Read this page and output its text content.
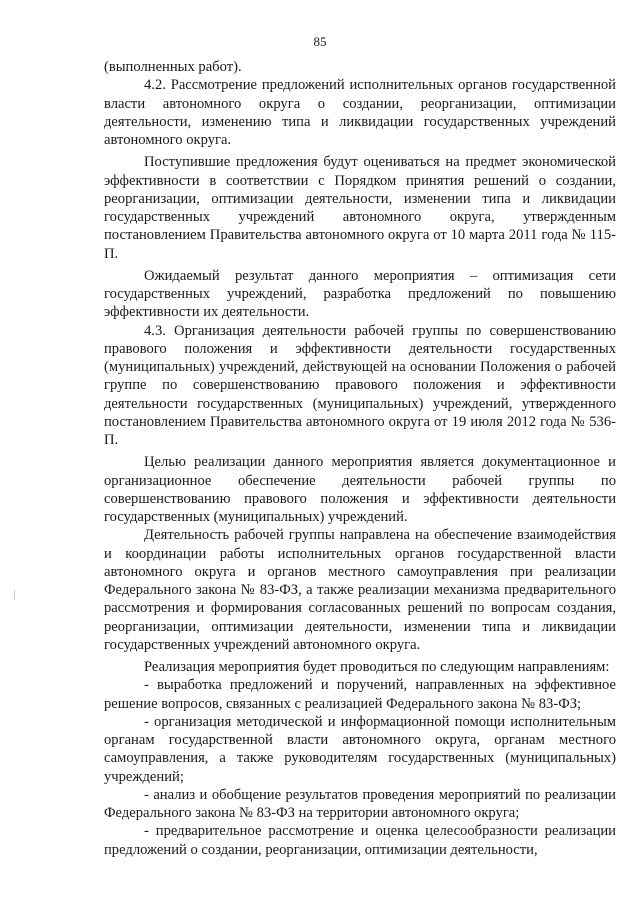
85

(выполненных работ).

4.2. Рассмотрение предложений исполнительных органов государственной власти автономного округа о создании, реорганизации, оптимизации деятельности, изменению типа и ликвидации государственных учреждений автономного округа.

Поступившие предложения будут оцениваться на предмет экономической эффективности в соответствии с Порядком принятия решений о создании, реорганизации, оптимизации деятельности, изменении типа и ликвидации государственных учреждений автономного округа, утвержденным постановлением Правительства автономного округа от 10 марта 2011 года № 115-П.

Ожидаемый результат данного мероприятия – оптимизация сети государственных учреждений, разработка предложений по повышению эффективности их деятельности.

4.3. Организация деятельности рабочей группы по совершенствованию правового положения и эффективности деятельности государственных (муниципальных) учреждений, действующей на основании Положения о рабочей группе по совершенствованию правового положения и эффективности деятельности государственных (муниципальных) учреждений, утвержденного постановлением Правительства автономного округа от 19 июля 2012 года № 536-П.

Целью реализации данного мероприятия является документационное и организационное обеспечение деятельности рабочей группы по совершенствованию правового положения и эффективности деятельности государственных (муниципальных) учреждений.

Деятельность рабочей группы направлена на обеспечение взаимодействия и координации работы исполнительных органов государственной власти автономного округа и органов местного самоуправления при реализации Федерального закона № 83-ФЗ, а также реализации механизма предварительного рассмотрения и формирования согласованных решений по вопросам создания, реорганизации, оптимизации деятельности, изменении типа и ликвидации государственных учреждений автономного округа.

Реализация мероприятия будет проводиться по следующим направлениям:

- выработка предложений и поручений, направленных на эффективное решение вопросов, связанных с реализацией Федерального закона № 83-ФЗ;

- организация методической и информационной помощи исполнительным органам государственной власти автономного округа, органам местного самоуправления, а также руководителям государственных (муниципальных) учреждений;

- анализ и обобщение результатов проведения мероприятий по реализации Федерального закона № 83-ФЗ на территории автономного округа;

- предварительное рассмотрение и оценка целесообразности реализации предложений о создании, реорганизации, оптимизации деятельности,
